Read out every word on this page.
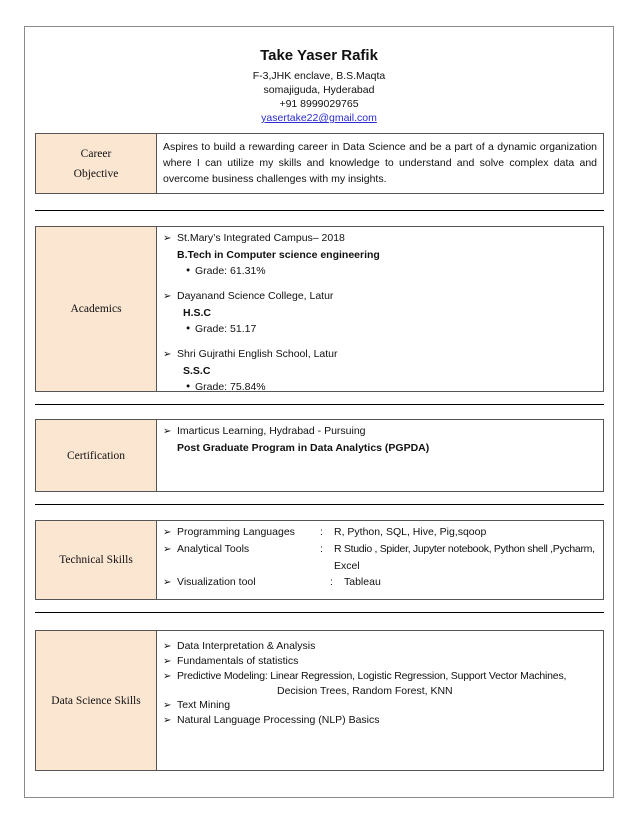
Take Yaser Rafik
F-3,JHK enclave, B.S.Maqta
somajiguda, Hyderabad
+91 8999029765
yasertake22@gmail.com
Career
Objective
Aspires to build a rewarding career in Data Science and be a part of a dynamic organization where I can utilize my skills and knowledge to understand and solve complex data and overcome business challenges with my insights.
Academics
➢ St.Mary’s Integrated Campus– 2018
B.Tech in Computer science engineering
• Grade: 61.31%
➢ Dayanand Science College, Latur
H.S.C
• Grade: 51.17
➢ Shri Gujrathi English School, Latur
S.S.C
• Grade: 75.84%
Certification
➢ Imarticus Learning, Hydrabad - Pursuing
Post Graduate Program in Data Analytics (PGPDA)
Technical Skills
➢ Programming Languages : R, Python, SQL, Hive, Pig,sqoop
➢ Analytical Tools	: R Studio , Spider, Jupyter notebook, Python shell ,Pycharm,
Excel
➢ Visualization tool	: Tableau
Data Science Skills
➢ Data Interpretation & Analysis
➢ Fundamentals of statistics
➢ Predictive Modeling: Linear Regression, Logistic Regression, Support Vector Machines,
Decision Trees, Random Forest, KNN
➢ Text Mining
➢ Natural Language Processing (NLP) Basics
